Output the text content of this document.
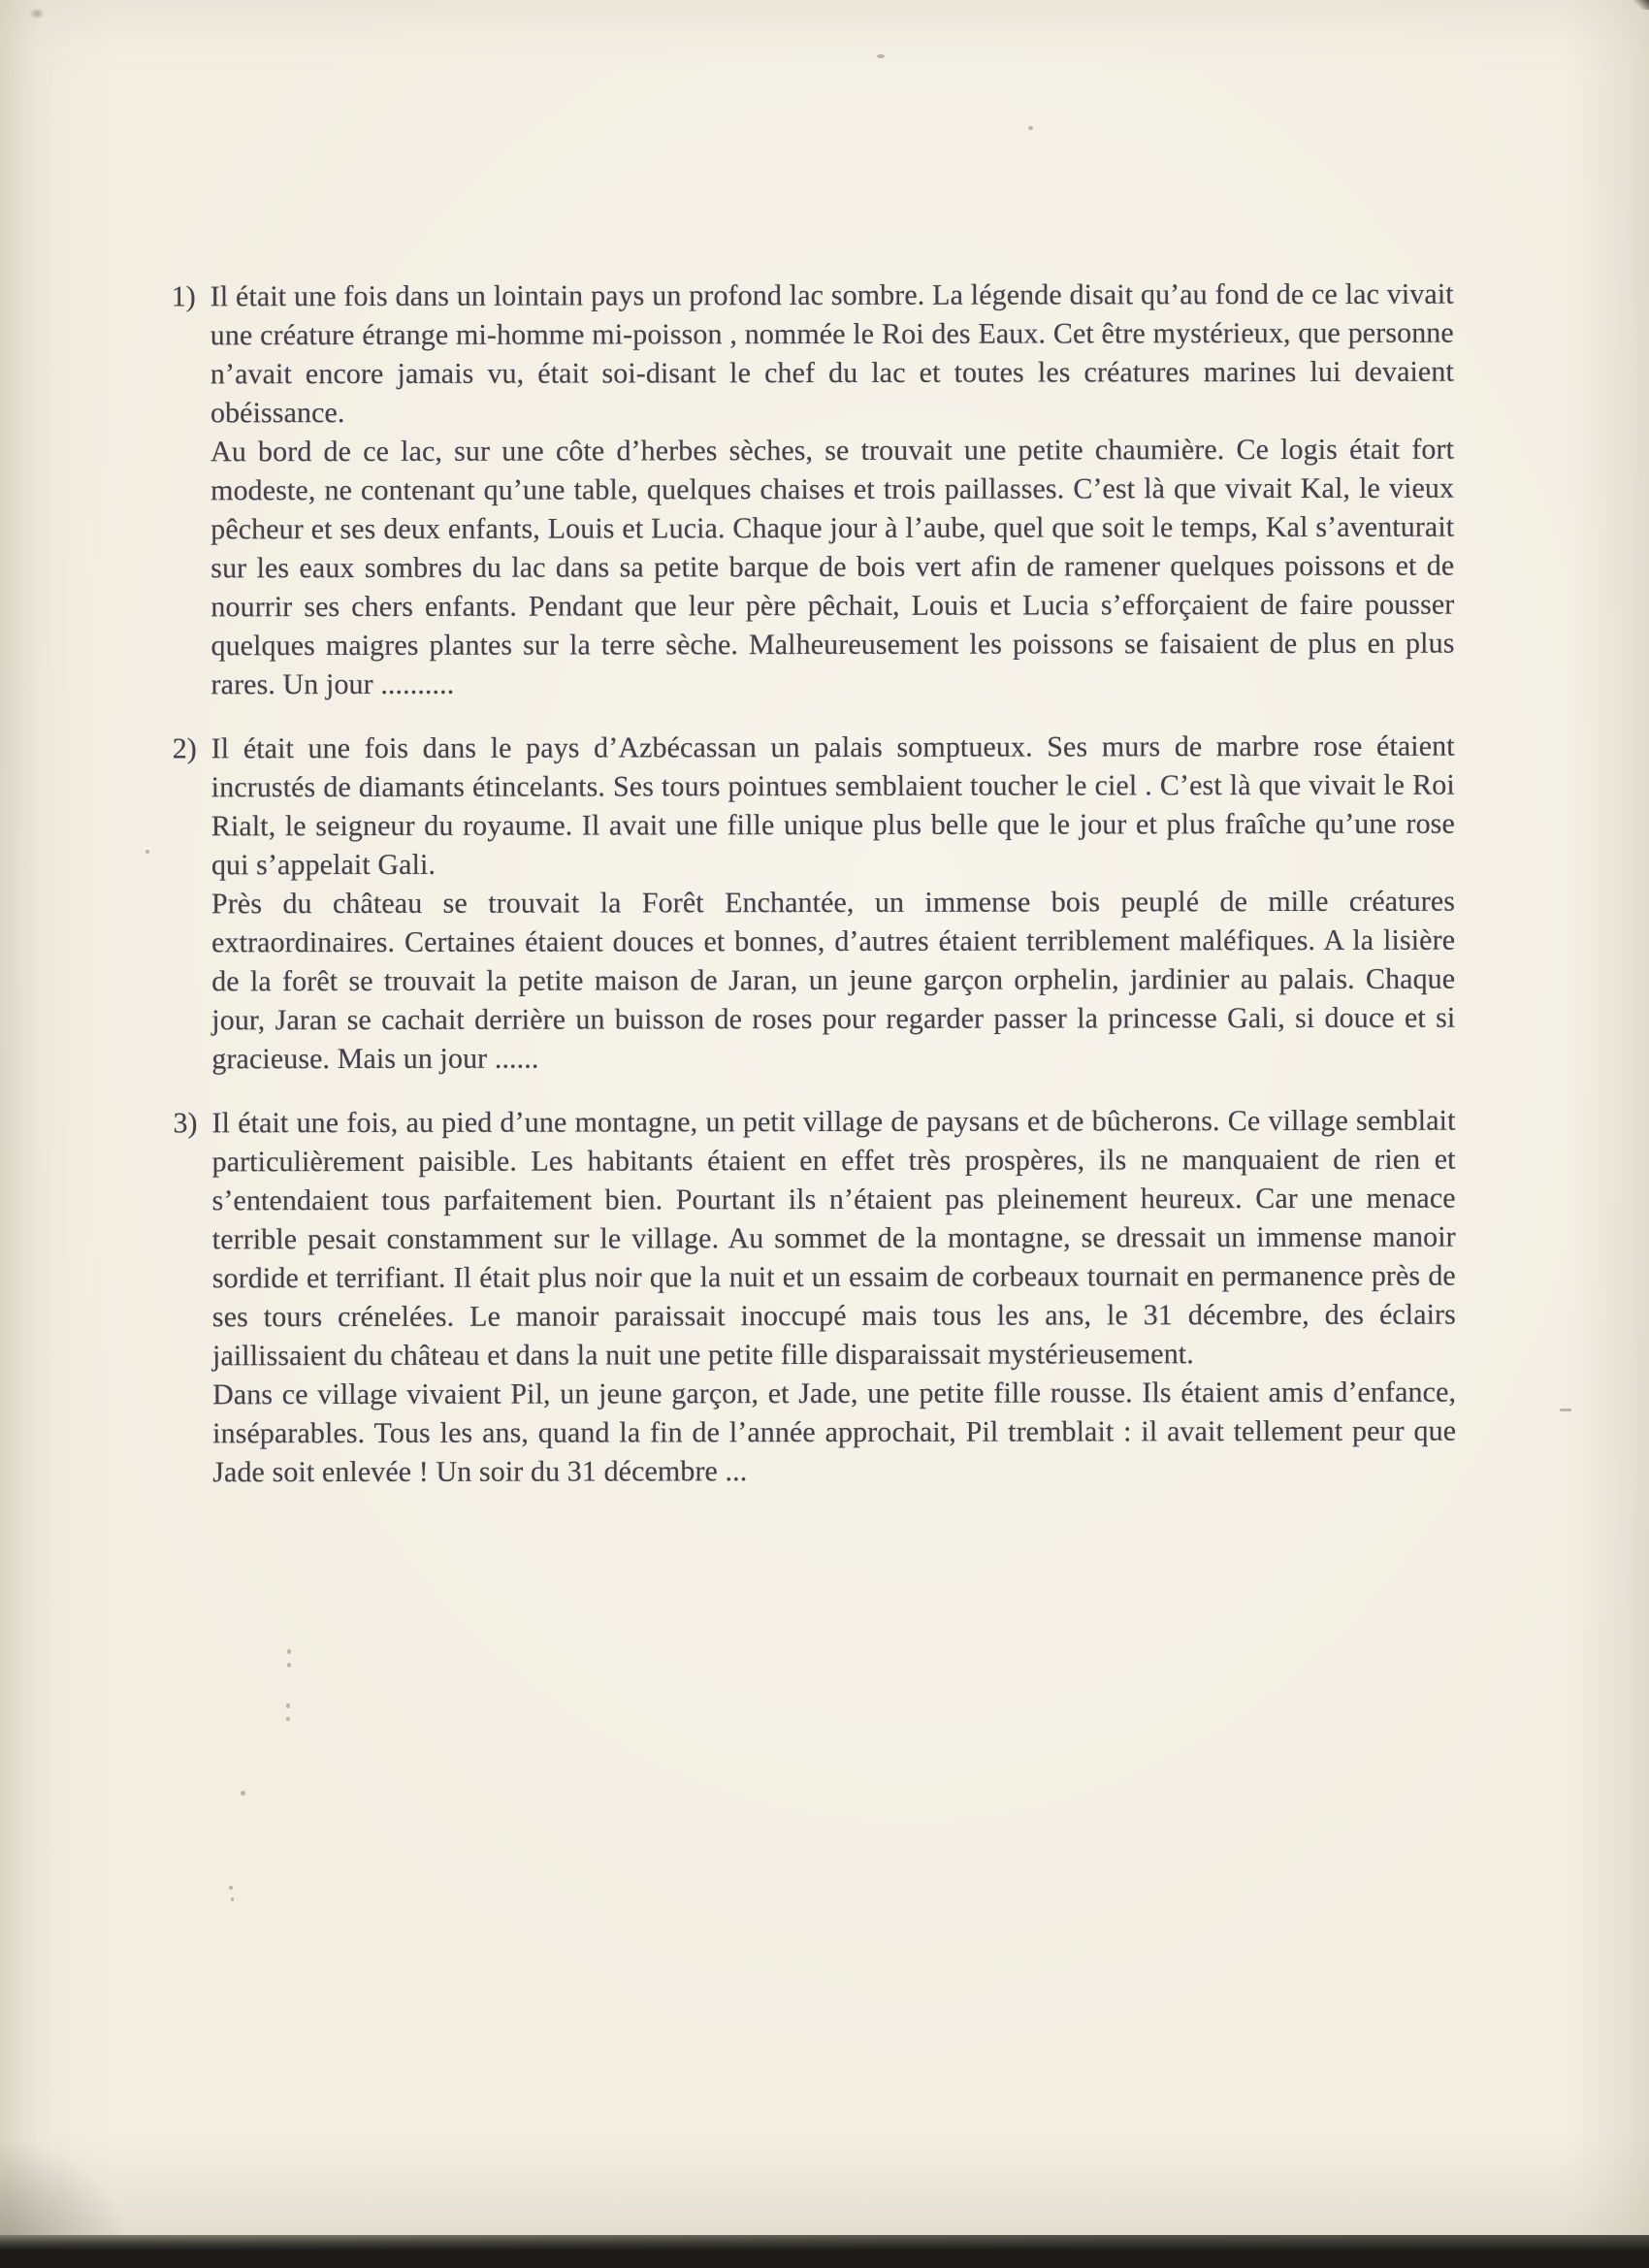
1) Il était une fois dans un lointain pays un profond lac sombre. La légende disait qu’au fond de ce lac vivait une créature étrange mi-homme mi-poisson , nommée le Roi des Eaux. Cet être mystérieux, que personne n’avait encore jamais vu, était soi-disant le chef du lac et toutes les créatures marines lui devaient obéissance.

Au bord de ce lac, sur une côte d’herbes sèches, se trouvait une petite chaumière. Ce logis était fort modeste, ne contenant qu’une table, quelques chaises et trois paillasses. C’est là que vivait Kal, le vieux pêcheur et ses deux enfants, Louis et Lucia. Chaque jour à l’aube, quel que soit le temps, Kal s’aventurait sur les eaux sombres du lac dans sa petite barque de bois vert afin de ramener quelques poissons et de nourrir ses chers enfants. Pendant que leur père pêchait, Louis et Lucia s’efforçaient de faire pousser quelques maigres plantes sur la terre sèche. Malheureusement les poissons se faisaient de plus en plus rares. Un jour ..........

2) Il était une fois dans le pays d’Azbécassan un palais somptueux. Ses murs de marbre rose étaient incrustés de diamants étincelants. Ses tours pointues semblaient toucher le ciel . C’est là que vivait le Roi Rialt, le seigneur du royaume. Il avait une fille unique plus belle que le jour et plus fraîche qu’une rose qui s’appelait Gali.

Près du château se trouvait la Forêt Enchantée, un immense bois peuplé de mille créatures extraordinaires. Certaines étaient douces et bonnes, d’autres étaient terriblement maléfiques. A la lisière de la forêt se trouvait la petite maison de Jaran, un jeune garçon orphelin, jardinier au palais. Chaque jour, Jaran se cachait derrière un buisson de roses pour regarder passer la princesse Gali, si douce et si gracieuse. Mais un jour ......

3) Il était une fois, au pied d’une montagne, un petit village de paysans et de bûcherons. Ce village semblait particulièrement paisible. Les habitants étaient en effet très prospères, ils ne manquaient de rien et s’entendaient tous parfaitement bien. Pourtant ils n’étaient pas pleinement heureux. Car une menace terrible pesait constamment sur le village. Au sommet de la montagne, se dressait un immense manoir sordide et terrifiant. Il était plus noir que la nuit et un essaim de corbeaux tournait en permanence près de ses tours crénelées. Le manoir paraissait inoccupé mais tous les ans, le 31 décembre, des éclairs jaillissaient du château et dans la nuit une petite fille disparaissait mystérieusement.

Dans ce village vivaient Pil, un jeune garçon, et Jade, une petite fille rousse. Ils étaient amis d’enfance, inséparables. Tous les ans, quand la fin de l’année approchait, Pil tremblait : il avait tellement peur que Jade soit enlevée ! Un soir du 31 décembre ...
